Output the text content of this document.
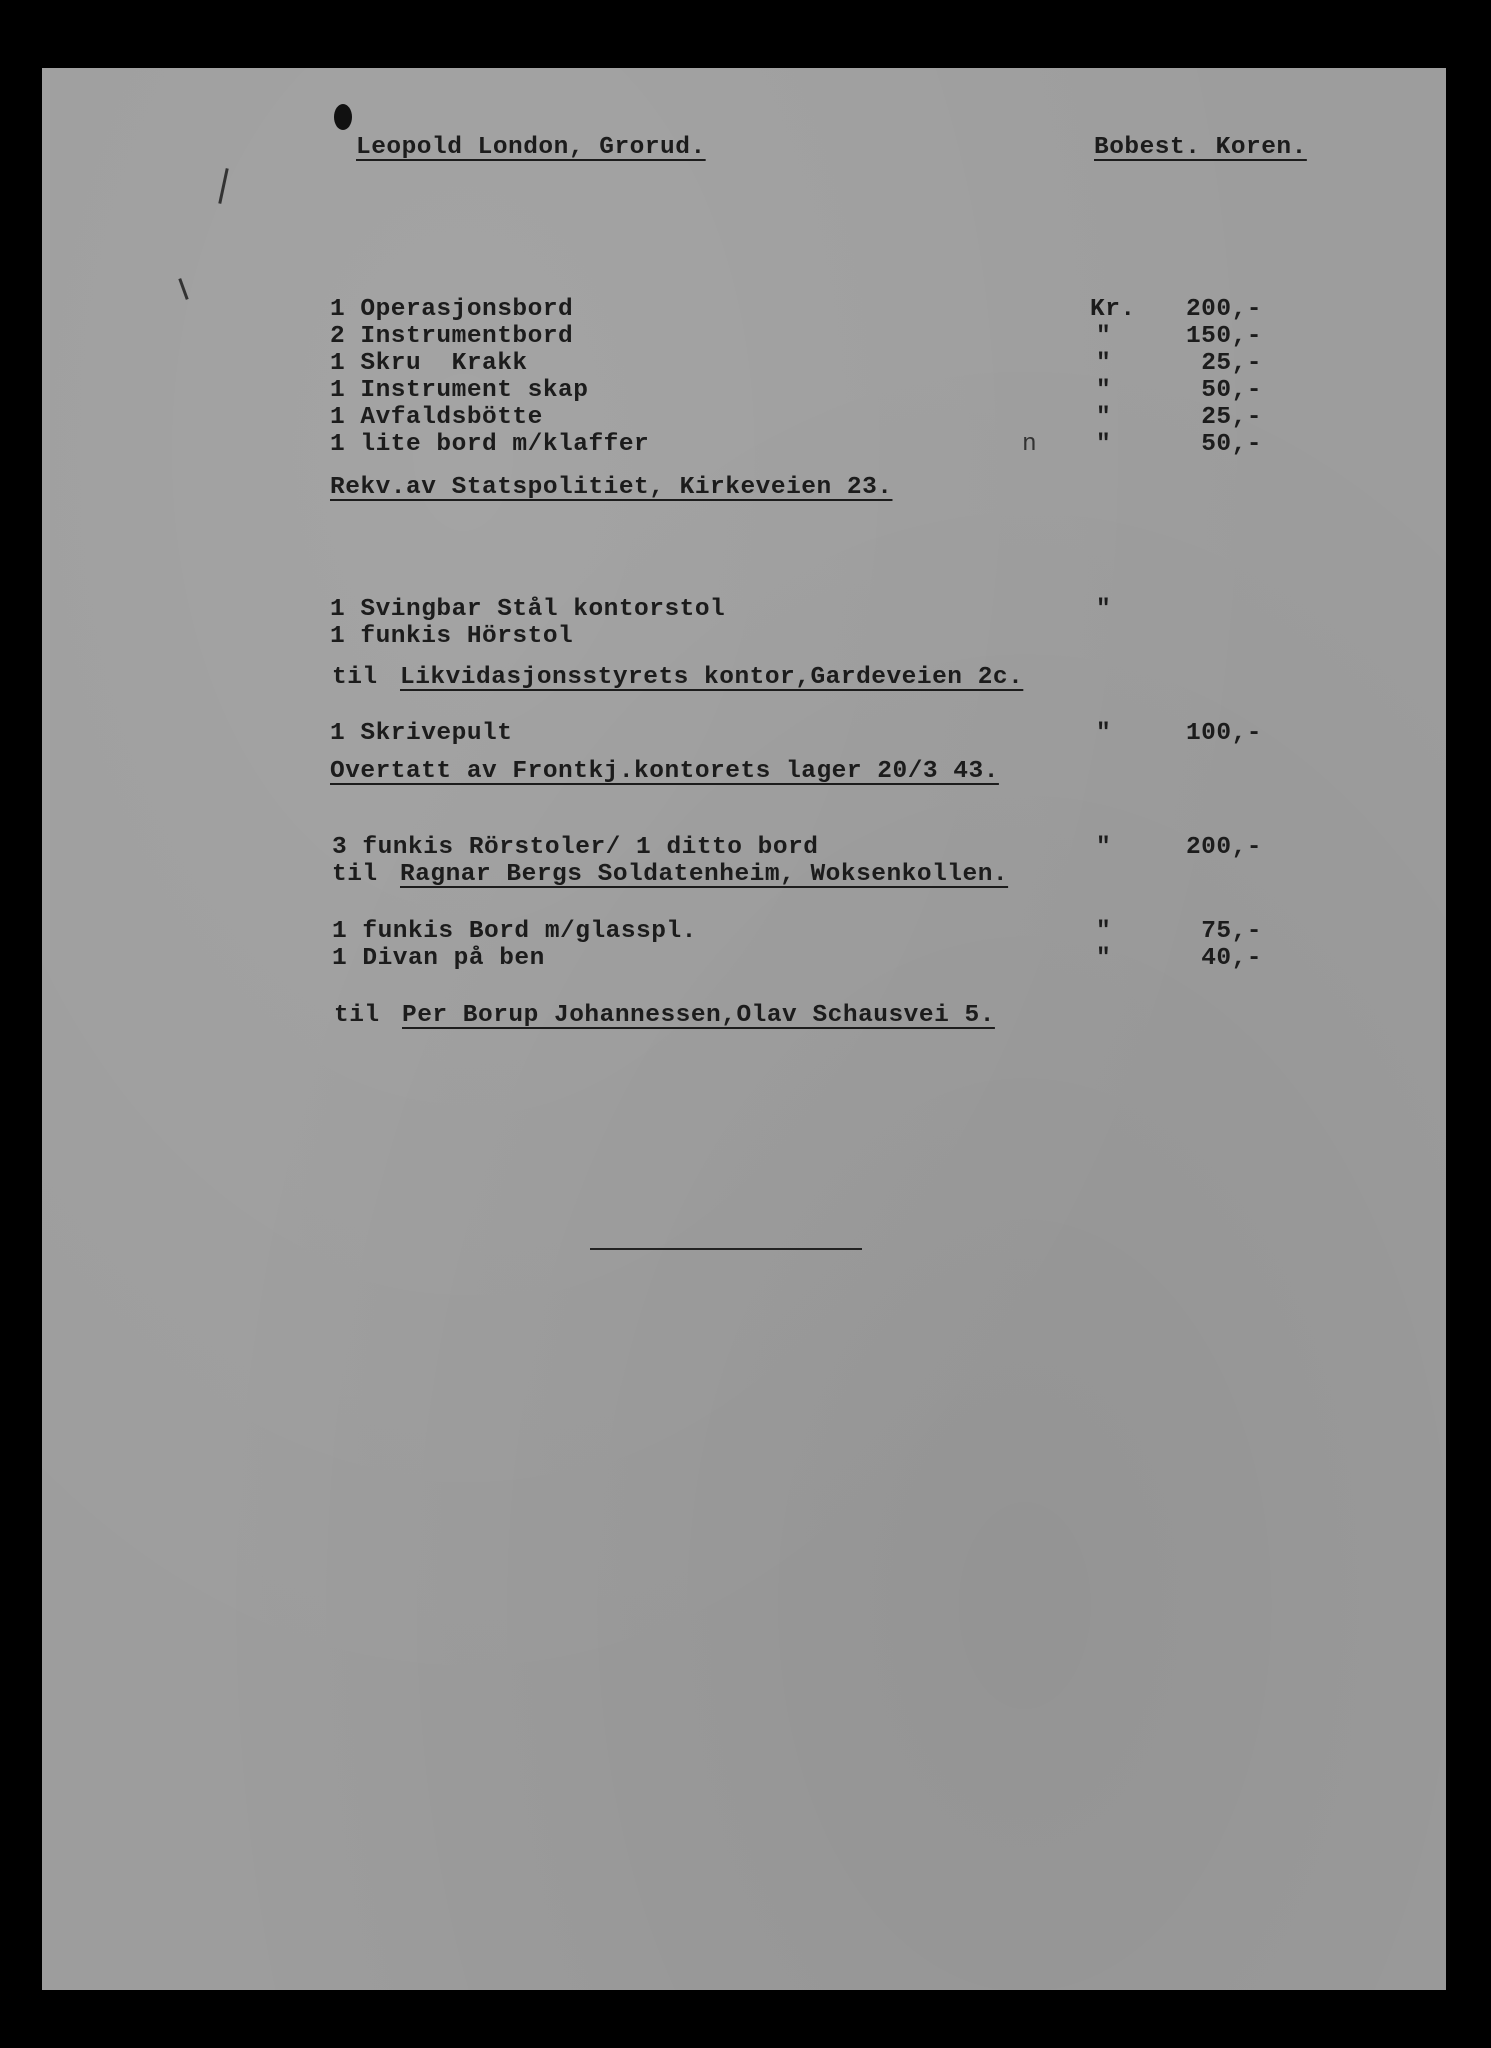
Leopold London, Grorud.	Bobest. Koren.
1 Operasjonsbord	Kr.	200,-
2 Instrumentbord	"	150,-
1 Skru  Krakk	"	25,-
1 Instrument skap	"	50,-
1 Avfaldsbötte	"	25,-
1 lite bord m/klaffer	n "	50,-
Rekv.av Statspolitiet, Kirkeveien 23.
1 Svingbar Stål kontorstol	"
1 funkis Hörstol
til Likvidasjonsstyrets kontor,Gardeveien 2c.
1 Skrivepult	"	100,-
Overtatt av Frontkj.kontorets lager 20/3 43.
3 funkis Rörstoler/ 1 ditto bord	"	200,-
til Ragnar Bergs Soldatenheim, Woksenkollen.
1 funkis Bord m/glasspl.	"	75,-
1 Divan på ben	"	40,-
til Per Borup Johannessen,Olav Schausvei 5.
